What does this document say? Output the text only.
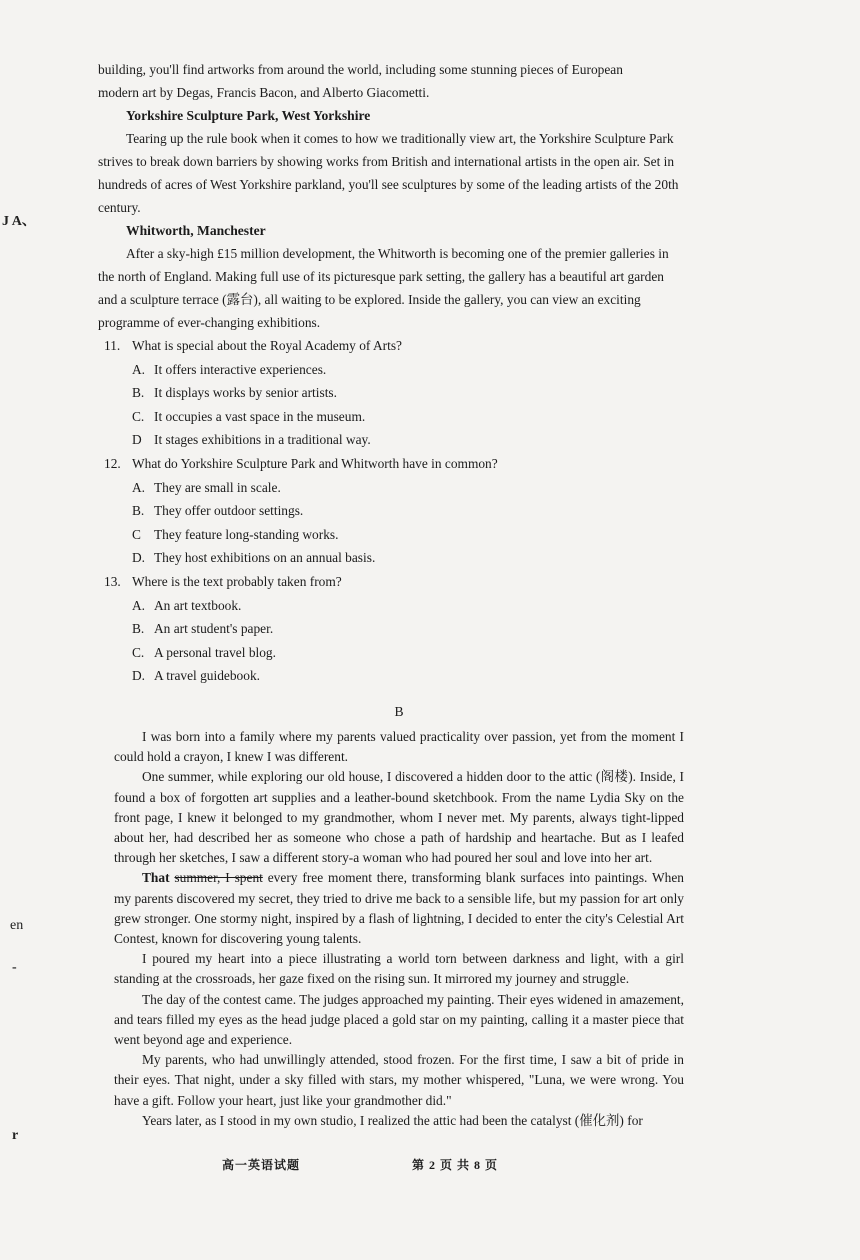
J A、
en
-
r

building, you'll find artworks from around the world, including some stunning pieces of European

modern art by Degas, Francis Bacon, and Alberto Giacometti.

Yorkshire Sculpture Park, West Yorkshire

Tearing up the rule book when it comes to how we traditionally view art, the Yorkshire Sculpture Park strives to break down barriers by showing works from British and international artists in the open air. Set in hundreds of acres of West Yorkshire parkland, you'll see sculptures by some of the leading artists of the 20th century.

Whitworth, Manchester

After a sky-high £15 million development, the Whitworth is becoming one of the premier galleries in the north of England. Making full use of its picturesque park setting, the gallery has a beautiful art garden and a sculpture terrace (露台), all waiting to be explored. Inside the gallery, you can view an exciting programme of ever-changing exhibitions.

11. What is special about the Royal Academy of Arts?
A. It offers interactive experiences.
B. It displays works by senior artists.
C. It occupies a vast space in the museum.
D It stages exhibitions in a traditional way.
12. What do Yorkshire Sculpture Park and Whitworth have in common?
A. They are small in scale.
B. They offer outdoor settings.
C They feature long-standing works.
D. They host exhibitions on an annual basis.
13. Where is the text probably taken from?
A. An art textbook.
B. An art student's paper.
C. A personal travel blog.
D. A travel guidebook.
B

I was born into a family where my parents valued practicality over passion, yet from the moment I could hold a crayon, I knew I was different.

One summer, while exploring our old house, I discovered a hidden door to the attic (阁楼). Inside, I found a box of forgotten art supplies and a leather-bound sketchbook. From the name Lydia Sky on the front page, I knew it belonged to my grandmother, whom I never met. My parents, always tight-lipped about her, had described her as someone who chose a path of hardship and heartache. But as I leafed through her sketches, I saw a different story-a woman who had poured her soul and love into her art.

That summer, I spent every free moment there, transforming blank surfaces into paintings. When my parents discovered my secret, they tried to drive me back to a sensible life, but my passion for art only grew stronger. One stormy night, inspired by a flash of lightning, I decided to enter the city's Celestial Art Contest, known for discovering young talents.

I poured my heart into a piece illustrating a world torn between darkness and light, with a girl standing at the crossroads, her gaze fixed on the rising sun. It mirrored my journey and struggle.

The day of the contest came. The judges approached my painting. Their eyes widened in amazement, and tears filled my eyes as the head judge placed a gold star on my painting, calling it a master piece that went beyond age and experience.

My parents, who had unwillingly attended, stood frozen. For the first time, I saw a bit of pride in their eyes. That night, under a sky filled with stars, my mother whispered, "Luna, we were wrong. You have a gift. Follow your heart, just like your grandmother did."

Years later, as I stood in my own studio, I realized the attic had been the catalyst (催化剂) for

高一英语试题	第 2 页 共 8 页
